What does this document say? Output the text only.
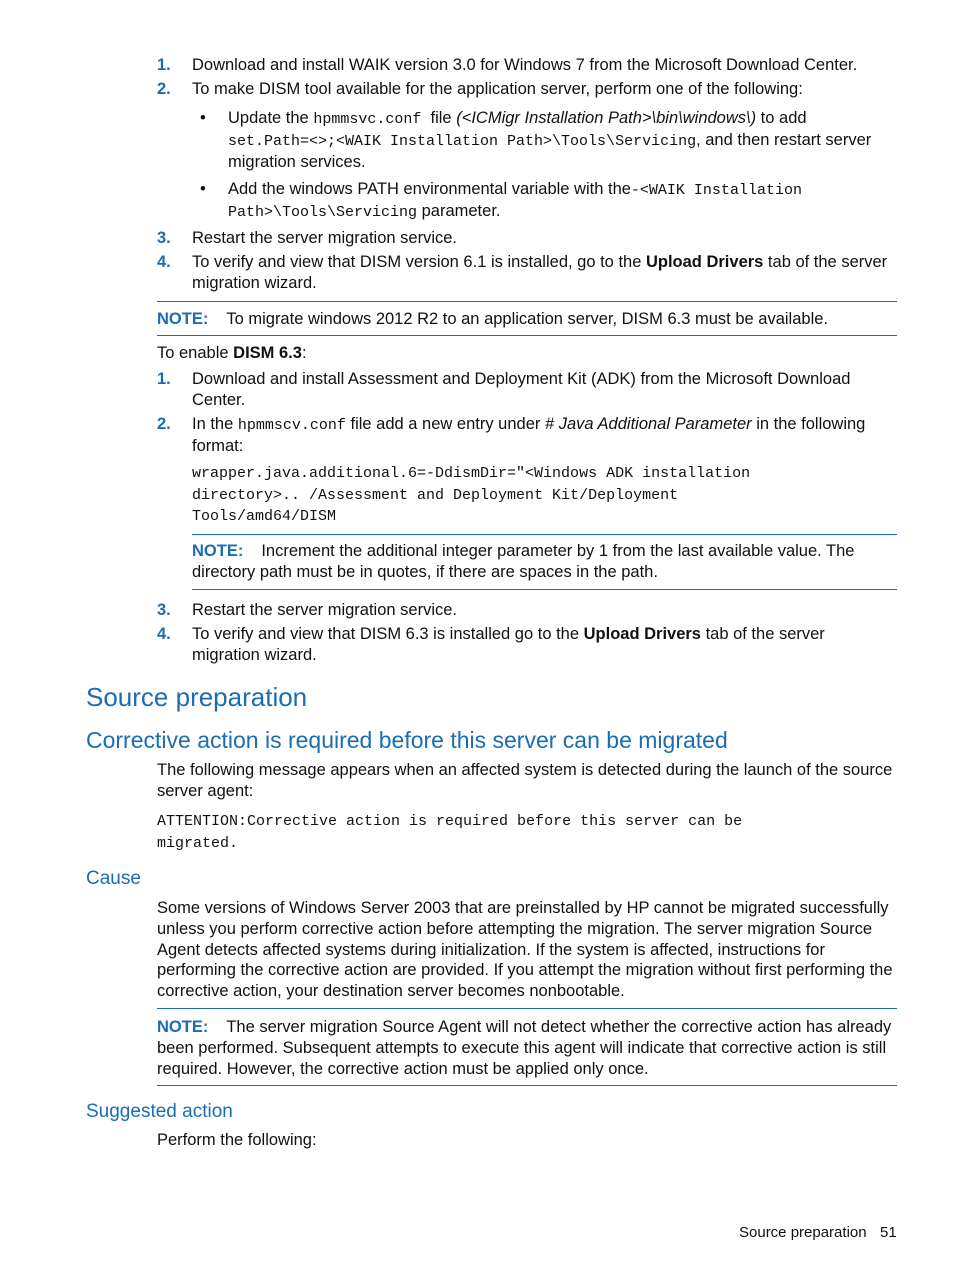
1. Download and install WAIK version 3.0 for Windows 7 from the Microsoft Download Center.
2. To make DISM tool available for the application server, perform one of the following:
• Update the hpmmsvc.conf  file (<ICMigr Installation Path>\bin\windows\) to add
set.Path=<>;<WAIK Installation Path>\Tools\Servicing, and then restart server migration services.
• Add the windows PATH environmental variable with the-<WAIK Installation Path>\Tools\Servicing parameter.
3. Restart the server migration service.
4. To verify and view that DISM version 6.1 is installed, go to the Upload Drivers tab of the server migration wizard.
NOTE: To migrate windows 2012 R2 to an application server, DISM 6.3 must be available.
To enable DISM 6.3:
1. Download and install Assessment and Deployment Kit (ADK) from the Microsoft Download Center.
2. In the hpmmscv.conf file add a new entry under # Java Additional Parameter in the following format:
wrapper.java.additional.6=-DdismDir="<Windows ADK installation
directory>.. /Assessment and Deployment Kit/Deployment
Tools/amd64/DISM
NOTE: Increment the additional integer parameter by 1 from the last available value. The directory path must be in quotes, if there are spaces in the path.
3. Restart the server migration service.
4. To verify and view that DISM 6.3 is installed go to the Upload Drivers tab of the server migration wizard.
Source preparation
Corrective action is required before this server can be migrated
The following message appears when an affected system is detected during the launch of the source server agent:
ATTENTION:Corrective action is required before this server can be
migrated.
Cause
Some versions of Windows Server 2003 that are preinstalled by HP cannot be migrated successfully unless you perform corrective action before attempting the migration. The server migration Source Agent detects affected systems during initialization. If the system is affected, instructions for performing the corrective action are provided. If you attempt the migration without first performing the corrective action, your destination server becomes nonbootable.
NOTE: The server migration Source Agent will not detect whether the corrective action has already been performed. Subsequent attempts to execute this agent will indicate that corrective action is still required. However, the corrective action must be applied only once.
Suggested action
Perform the following:
Source preparation 51
